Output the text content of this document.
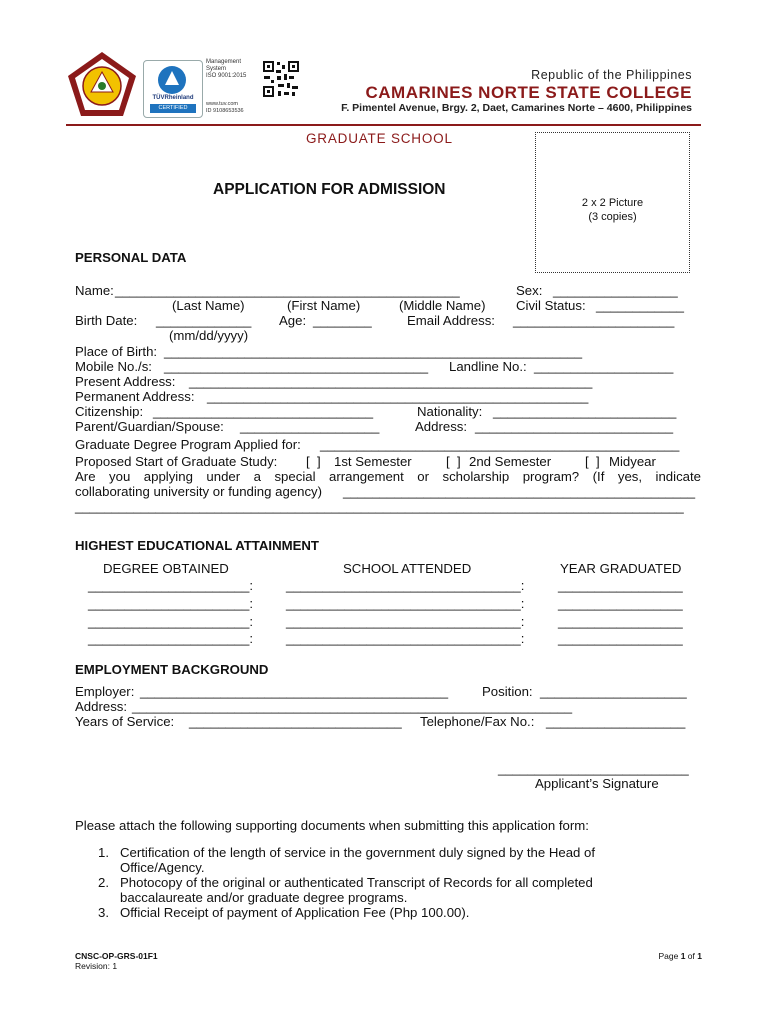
TÜVRheinland
CERTIFIED
Management
System
ISO 9001:2015
www.tuv.com
ID 9108653536
Republic of the Philippines
CAMARINES NORTE STATE COLLEGE
F. Pimentel Avenue, Brgy. 2, Daet, Camarines Norte – 4600, Philippines
GRADUATE SCHOOL
2 x 2 Picture
(3 copies)
APPLICATION FOR ADMISSION
PERSONAL DATA
Name: _______________________________________________	Sex: _________________
(Last Name)	(First Name)	(Middle Name) Civil Status: ____________
Birth Date: _____________ Age: ________	Email Address: ______________________
(mm/dd/yyyy)
Place of Birth: _________________________________________________________
Mobile No./s: ____________________________________ Landline No.: ___________________
Present Address: _______________________________________________________
Permanent Address: ____________________________________________________
Citizenship: ______________________________	Nationality: _________________________
Parent/Guardian/Spouse: ___________________	Address: ___________________________
Graduate Degree Program Applied for: _________________________________________________
Proposed Start of Graduate Study: [  ] 1st Semester	[  ] 2nd Semester	[  ] Midyear
Are you applying under a special arrangement or scholarship program? (If yes, indicate
collaborating university or funding agency) ________________________________________________
___________________________________________________________________________________
HIGHEST EDUCATIONAL ATTAINMENT
DEGREE OBTAINED	SCHOOL ATTENDED	YEAR GRADUATED
______________________: ________________________________:	_________________
______________________: ________________________________:	_________________
______________________: ________________________________:	_________________
______________________: ________________________________:	_________________
EMPLOYMENT BACKGROUND
Employer: __________________________________________	Position: ____________________
Address: ____________________________________________________________
Years of Service: _____________________________ Telephone/Fax No.: ___________________
__________________________
Applicant’s Signature
Please attach the following supporting documents when submitting this application form:
1. Certification of the length of service in the government duly signed by the Head of
Office/Agency.
2. Photocopy of the original or authenticated Transcript of Records for all completed
baccalaureate and/or graduate degree programs.
3. Official Receipt of payment of Application Fee (Php 100.00).
CNSC-OP-GRS-01F1
Revision: 1
Page 1 of 1
